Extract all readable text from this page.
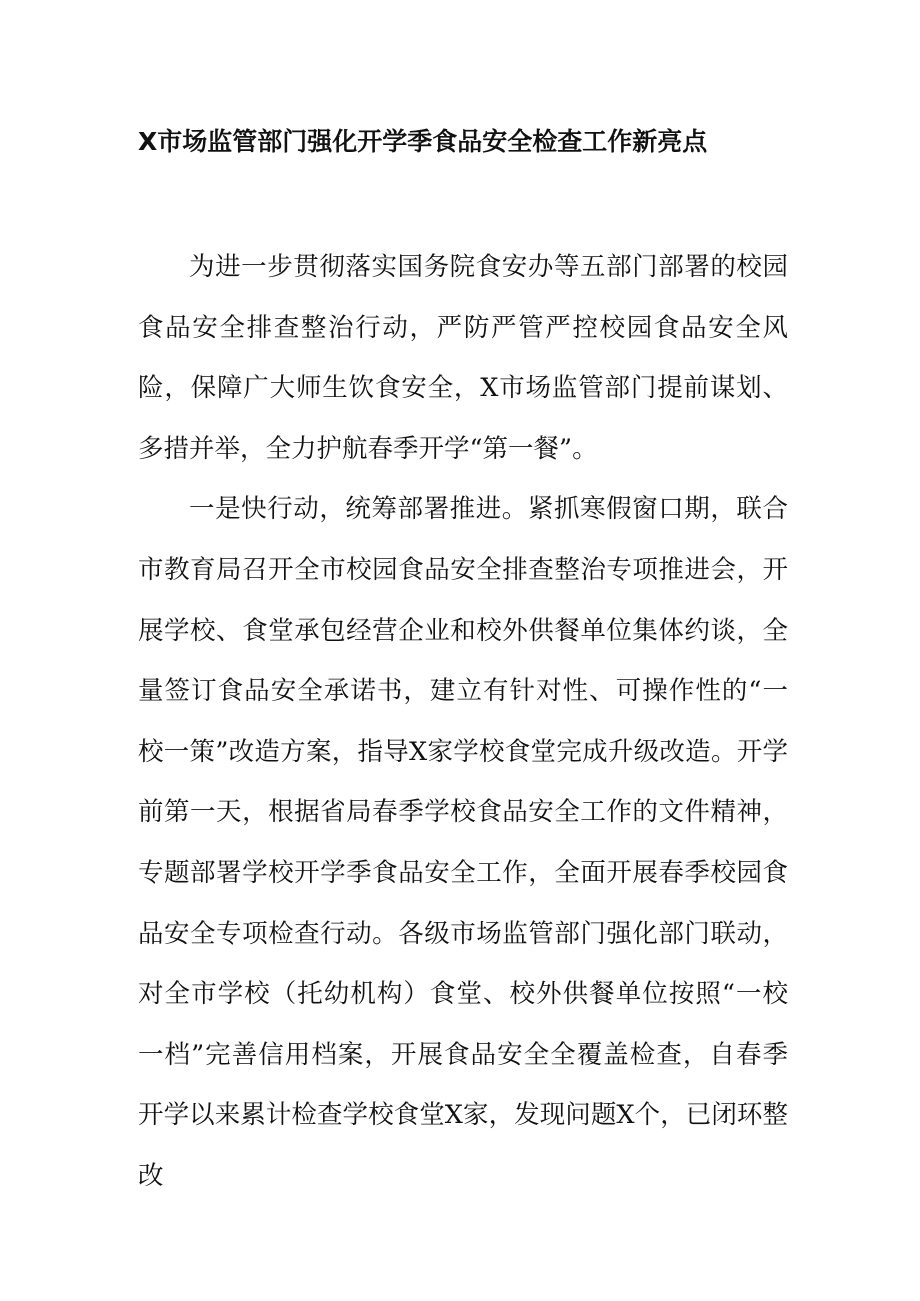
X市场监管部门强化开学季食品安全检查工作新亮点

为进一步贯彻落实国务院食安办等五部门部署的校园食品安全排查整治行动，严防严管严控校园食品安全风险，保障广大师生饮食安全，X市场监管部门提前谋划、多措并举，全力护航春季开学“第一餐”。

一是快行动，统筹部署推进。紧抓寒假窗口期，联合市教育局召开全市校园食品安全排查整治专项推进会，开展学校、食堂承包经营企业和校外供餐单位集体约谈，全量签订食品安全承诺书，建立有针对性、可操作性的“一校一策”改造方案，指导X家学校食堂完成升级改造。开学前第一天，根据省局春季学校食品安全工作的文件精神，专题部署学校开学季食品安全工作，全面开展春季校园食品安全专项检查行动。各级市场监管部门强化部门联动，对全市学校（托幼机构）食堂、校外供餐单位按照“一校一档”完善信用档案，开展食品安全全覆盖检查，自春季开学以来累计检查学校食堂X家，发现问题X个，已闭环整改
